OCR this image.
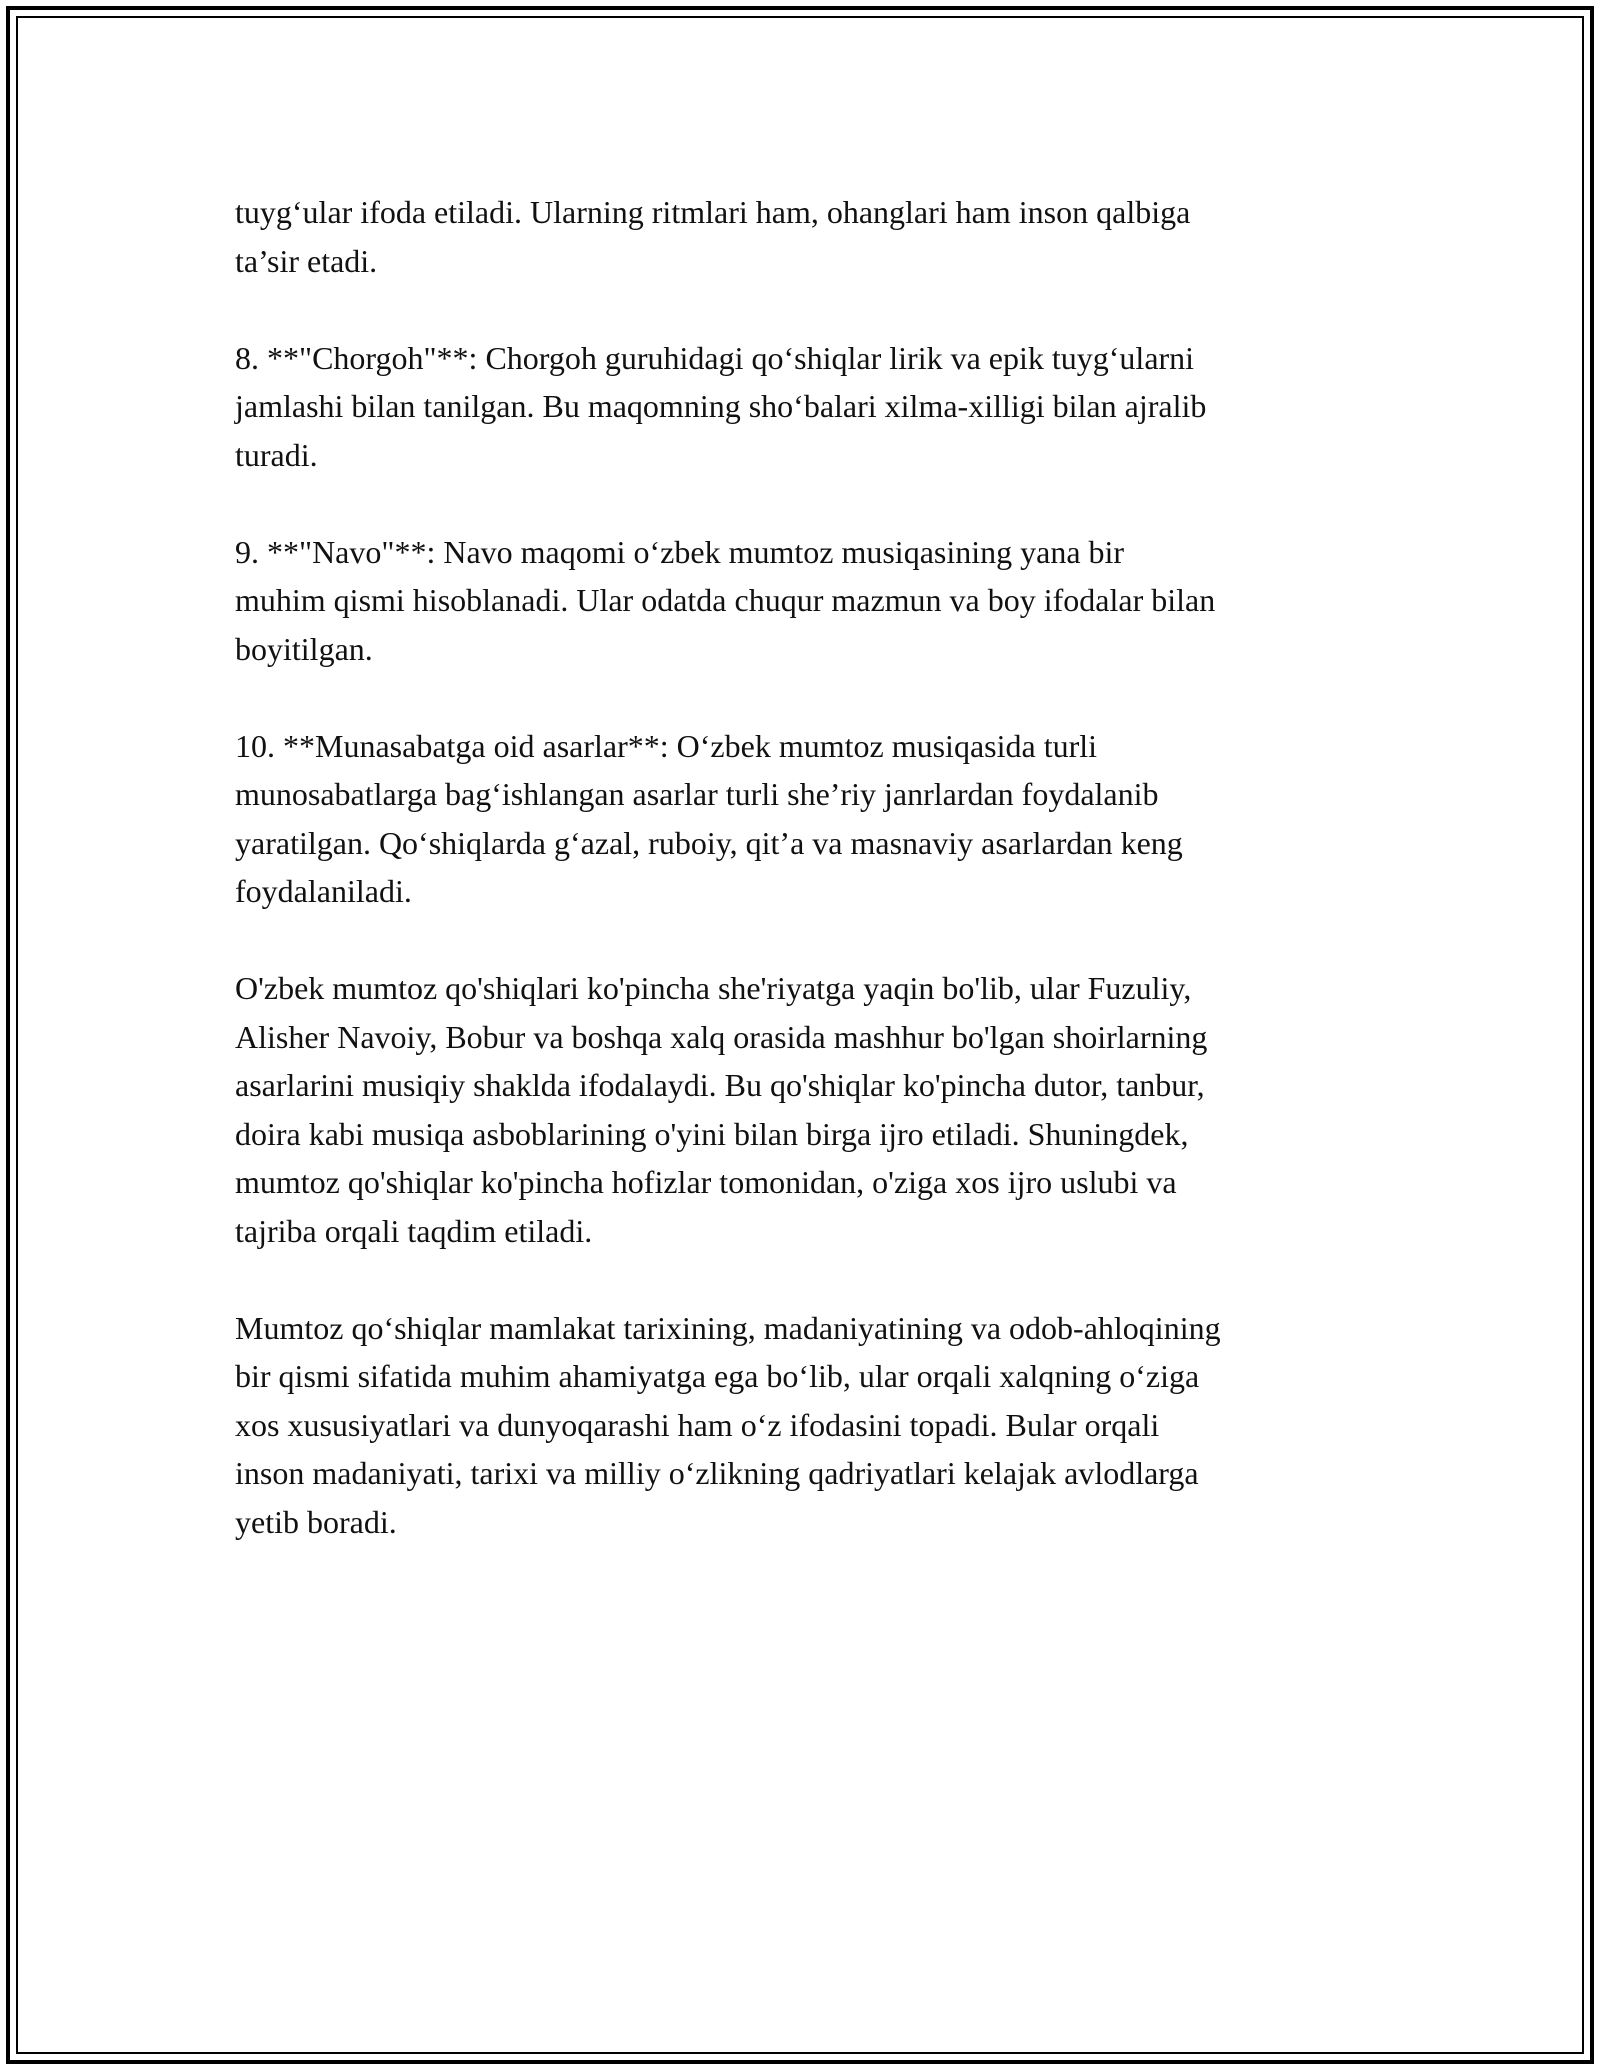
tuyg‘ular ifoda etiladi. Ularning ritmlari ham, ohanglari ham inson qalbiga
ta’sir etadi.

8. **"Chorgoh"**: Chorgoh guruhidagi qo‘shiqlar lirik va epik tuyg‘ularni
jamlashi bilan tanilgan. Bu maqomning sho‘balari xilma-xilligi bilan ajralib
turadi.

9. **"Navo"**: Navo maqomi o‘zbek mumtoz musiqasining yana bir
muhim qismi hisoblanadi. Ular odatda chuqur mazmun va boy ifodalar bilan
boyitilgan.

10. **Munasabatga oid asarlar**: O‘zbek mumtoz musiqasida turli
munosabatlarga bag‘ishlangan asarlar turli she’riy janrlardan foydalanib
yaratilgan. Qo‘shiqlarda g‘azal, ruboiy, qit’a va masnaviy asarlardan keng
foydalaniladi.

O'zbek mumtoz qo'shiqlari ko'pincha she'riyatga yaqin bo'lib, ular Fuzuliy,
Alisher Navoiy, Bobur va boshqa xalq orasida mashhur bo'lgan shoirlarning
asarlarini musiqiy shaklda ifodalaydi. Bu qo'shiqlar ko'pincha dutor, tanbur,
doira kabi musiqa asboblarining o'yini bilan birga ijro etiladi. Shuningdek,
mumtoz qo'shiqlar ko'pincha hofizlar tomonidan, o'ziga xos ijro uslubi va
tajriba orqali taqdim etiladi.

Mumtoz qo‘shiqlar mamlakat tarixining, madaniyatining va odob-ahloqining
bir qismi sifatida muhim ahamiyatga ega bo‘lib, ular orqali xalqning o‘ziga
xos xususiyatlari va dunyoqarashi ham o‘z ifodasini topadi. Bular orqali
inson madaniyati, tarixi va milliy o‘zlikning qadriyatlari kelajak avlodlarga
yetib boradi.
